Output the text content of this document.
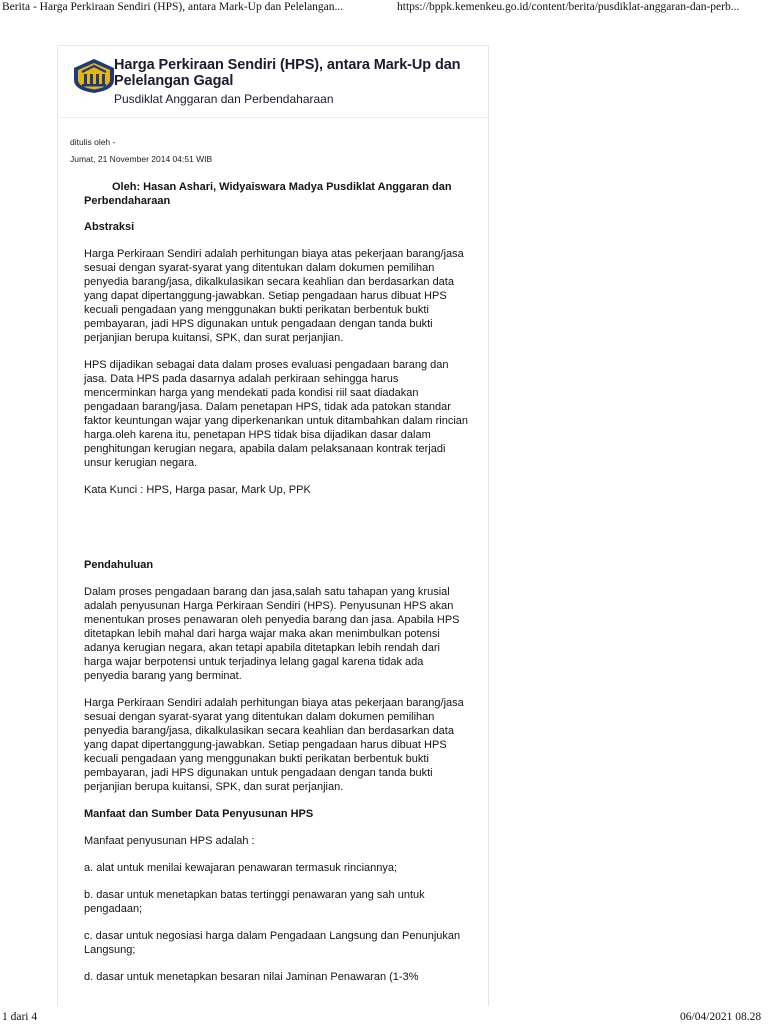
Berita - Harga Perkiraan Sendiri (HPS), antara Mark-Up dan Pelelangan...	https://bppk.kemenkeu.go.id/content/berita/pusdiklat-anggaran-dan-perb...
Harga Perkiraan Sendiri (HPS), antara Mark-Up dan Pelelangan Gagal
Pusdiklat Anggaran dan Perbendaharaan
ditulis oleh -
Jumat, 21 November 2014 04:51 WIB

Oleh: Hasan Ashari, Widyaiswara Madya Pusdiklat Anggaran dan Perbendaharaan

Abstraksi

Harga Perkiraan Sendiri adalah perhitungan biaya atas pekerjaan barang/jasa sesuai dengan syarat-syarat yang ditentukan dalam dokumen pemilihan penyedia barang/jasa, dikalkulasikan secara keahlian dan berdasarkan data yang dapat dipertanggung-jawabkan. Setiap pengadaan harus dibuat HPS kecuali pengadaan yang menggunakan bukti perikatan berbentuk bukti pembayaran, jadi HPS digunakan untuk pengadaan dengan tanda bukti perjanjian berupa kuitansi, SPK, dan surat perjanjian.

HPS dijadikan sebagai data dalam proses evaluasi pengadaan barang dan jasa. Data HPS pada dasarnya adalah perkiraan sehingga harus mencerminkan harga yang mendekati pada kondisi riil saat diadakan pengadaan barang/jasa. Dalam penetapan HPS, tidak ada patokan standar faktor keuntungan wajar yang diperkenankan untuk ditambahkan dalam rincian harga.oleh karena itu, penetapan HPS tidak bisa dijadikan dasar dalam penghitungan kerugian negara, apabila dalam pelaksanaan kontrak terjadi unsur kerugian negara.

Kata Kunci : HPS, Harga pasar, Mark Up, PPK

Pendahuluan

Dalam proses pengadaan barang dan jasa,salah satu tahapan yang krusial adalah penyusunan Harga Perkiraan Sendiri (HPS). Penyusunan HPS akan menentukan proses penawaran oleh penyedia barang dan jasa. Apabila HPS ditetapkan lebih mahal dari harga wajar maka akan menimbulkan potensi adanya kerugian negara, akan tetapi apabila ditetapkan lebih rendah dari harga wajar berpotensi untuk terjadinya lelang gagal karena tidak ada penyedia barang yang berminat.

Harga Perkiraan Sendiri adalah perhitungan biaya atas pekerjaan barang/jasa sesuai dengan syarat-syarat yang ditentukan dalam dokumen pemilihan penyedia barang/jasa, dikalkulasikan secara keahlian dan berdasarkan data yang dapat dipertanggung-jawabkan. Setiap pengadaan harus dibuat HPS kecuali pengadaan yang menggunakan bukti perikatan berbentuk bukti pembayaran, jadi HPS digunakan untuk pengadaan dengan tanda bukti perjanjian berupa kuitansi, SPK, dan surat perjanjian.

Manfaat dan Sumber Data Penyusunan HPS

Manfaat penyusunan HPS adalah :

a. alat untuk menilai kewajaran penawaran termasuk rinciannya;

b. dasar untuk menetapkan batas tertinggi penawaran yang sah untuk pengadaan;

c. dasar untuk negosiasi harga dalam Pengadaan Langsung dan Penunjukan Langsung;

d. dasar untuk menetapkan besaran nilai Jaminan Penawaran (1-3%

1 dari 4	06/04/2021 08.28
